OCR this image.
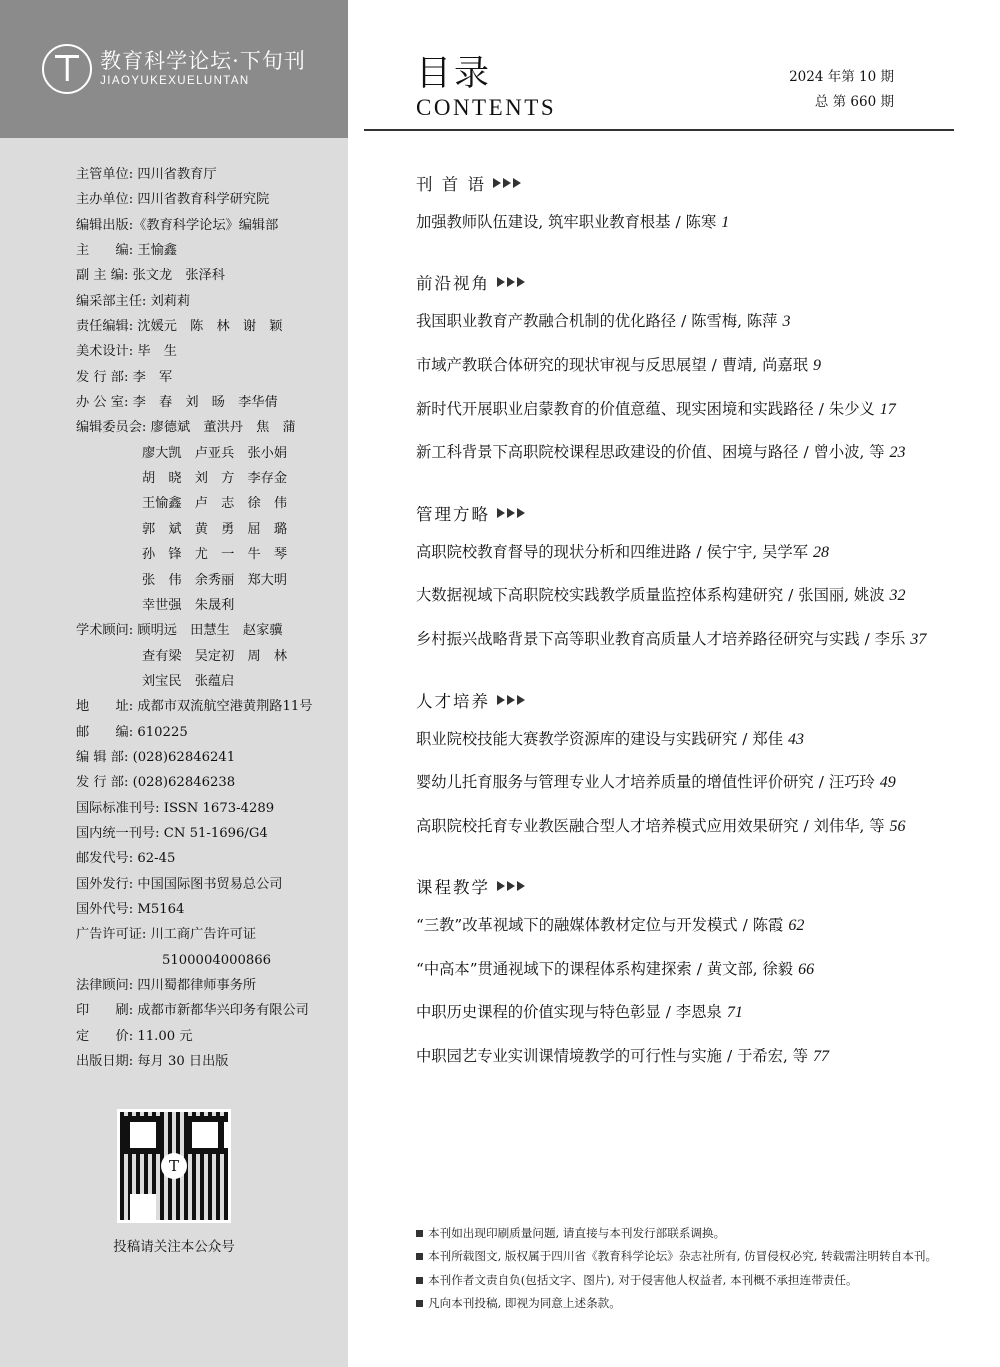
教育科学论坛·下旬刊
JIAOYUKEXUELUNTAN
主管单位: 四川省教育厅
主办单位: 四川省教育科学研究院
编辑出版:《教育科学论坛》编辑部
主　　编: 王愉鑫
副 主 编: 张文龙　张泽科
编采部主任: 刘莉莉
责任编辑: 沈媛元　陈　林　谢　颖
美术设计: 毕　生
发 行 部: 李　军
办 公 室: 李　春　刘　旸　李华倩
编辑委员会: 廖德斌　董洪丹　焦　蒲
廖大凯　卢亚兵　张小娟
胡　晓　刘　方　李存金
王愉鑫　卢　志　徐　伟
郭　斌　黄　勇　屈　璐
孙　锋　尤　一　牛　琴
张　伟　余秀丽　郑大明
幸世强　朱晟利
学术顾问: 顾明远　田慧生　赵家骥
查有梁　吴定初　周　林
刘宝民　张蕴启
地　　址: 成都市双流航空港黄荆路11号
邮　　编: 610225
编 辑 部: (028)62846241
发 行 部: (028)62846238
国际标准刊号: ISSN 1673-4289
国内统一刊号: CN 51-1696/G4
邮发代号: 62-45
国外发行: 中国国际图书贸易总公司
国外代号: M5164
广告许可证: 川工商广告许可证
5100004000866
法律顾问: 四川蜀都律师事务所
印　　刷: 成都市新都华兴印务有限公司
定　　价: 11.00 元
出版日期: 每月 30 日出版
T
投稿请关注本公众号
目录
CONTENTS
2024 年第 10 期
总 第 660 期
刊 首 语
加强教师队伍建设, 筑牢职业教育根基 / 陈寒 1
前沿视角
我国职业教育产教融合机制的优化路径 / 陈雪梅, 陈萍 3
市域产教联合体研究的现状审视与反思展望 / 曹靖, 尚嘉珉 9
新时代开展职业启蒙教育的价值意蕴、现实困境和实践路径 / 朱少义 17
新工科背景下高职院校课程思政建设的价值、困境与路径 / 曾小波, 等 23
管理方略
高职院校教育督导的现状分析和四维进路 / 侯宁宇, 吴学军 28
大数据视域下高职院校实践教学质量监控体系构建研究 / 张国丽, 姚波 32
乡村振兴战略背景下高等职业教育高质量人才培养路径研究与实践 / 李乐 37
人才培养
职业院校技能大赛教学资源库的建设与实践研究 / 郑佳 43
婴幼儿托育服务与管理专业人才培养质量的增值性评价研究 / 汪巧玲 49
高职院校托育专业教医融合型人才培养模式应用效果研究 / 刘伟华, 等 56
课程教学
“三教”改革视域下的融媒体教材定位与开发模式 / 陈霞 62
“中高本”贯通视域下的课程体系构建探索 / 黄文部, 徐毅 66
中职历史课程的价值实现与特色彰显 / 李恩泉 71
中职园艺专业实训课情境教学的可行性与实施 / 于希宏, 等 77
本刊如出现印刷质量问题, 请直接与本刊发行部联系调换。
本刊所载图文, 版权属于四川省《教育科学论坛》杂志社所有, 仿冒侵权必究, 转载需注明转自本刊。
本刊作者文责自负(包括文字、图片), 对于侵害他人权益者, 本刊概不承担连带责任。
凡向本刊投稿, 即视为同意上述条款。
